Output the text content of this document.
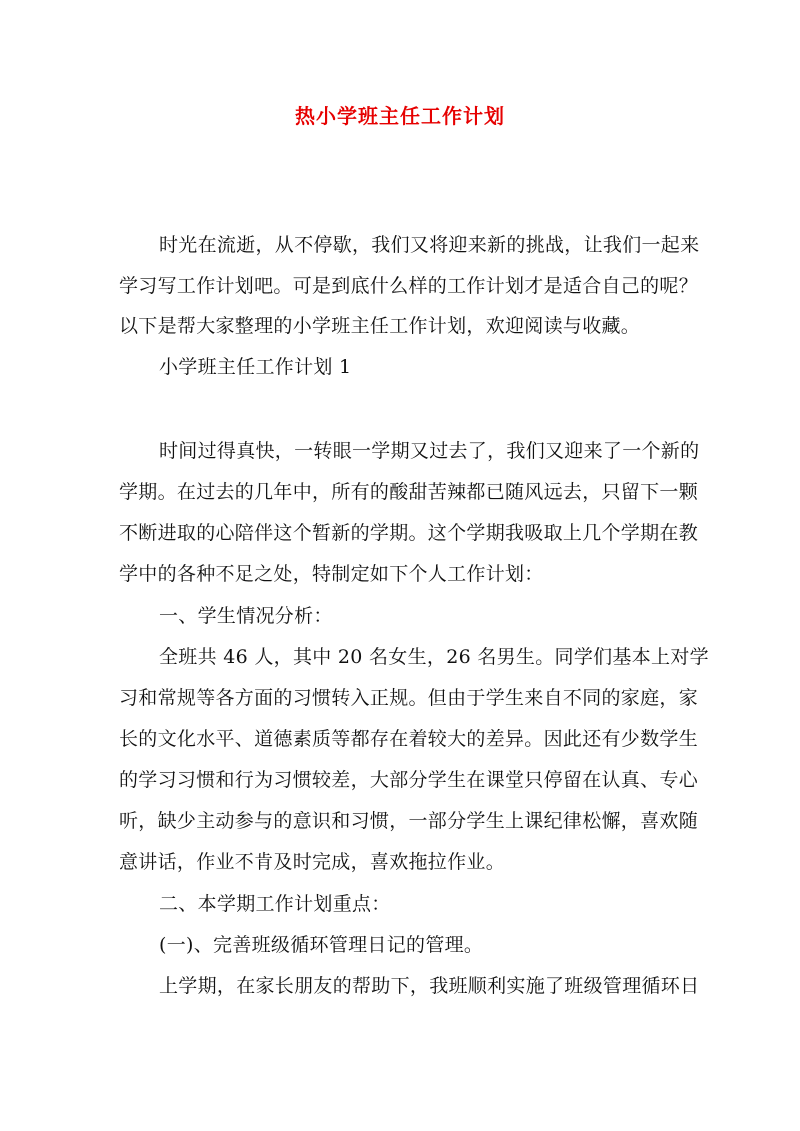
热小学班主任工作计划
时光在流逝，从不停歇，我们又将迎来新的挑战，让我们一起来
学习写工作计划吧。可是到底什么样的工作计划才是适合自己的呢？
以下是帮大家整理的小学班主任工作计划，欢迎阅读与收藏。
小学班主任工作计划 1
时间过得真快，一转眼一学期又过去了，我们又迎来了一个新的
学期。在过去的几年中，所有的酸甜苦辣都已随风远去，只留下一颗
不断进取的心陪伴这个暂新的学期。这个学期我吸取上几个学期在教
学中的各种不足之处，特制定如下个人工作计划：
一、学生情况分析：
全班共 46 人，其中 20 名女生，26 名男生。同学们基本上对学
习和常规等各方面的习惯转入正规。但由于学生来自不同的家庭，家
长的文化水平、道德素质等都存在着较大的差异。因此还有少数学生
的学习习惯和行为习惯较差，大部分学生在课堂只停留在认真、专心
听，缺少主动参与的意识和习惯，一部分学生上课纪律松懈，喜欢随
意讲话，作业不肯及时完成，喜欢拖拉作业。
二、本学期工作计划重点：
(一)、完善班级循环管理日记的管理。
上学期，在家长朋友的帮助下，我班顺利实施了班级管理循环日
